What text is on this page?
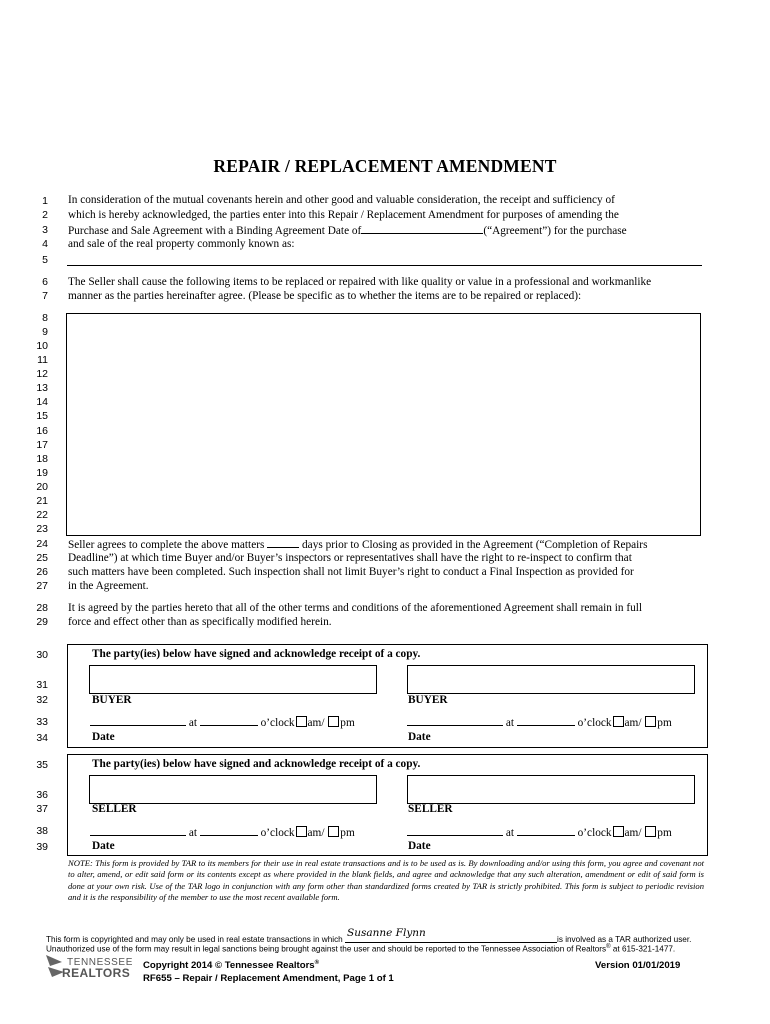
REPAIR / REPLACEMENT AMENDMENT
1
2
3
4
5
6
7
8
9
10
11
12
13
14
15
16
17
18
19
20
21
22
23
24
25
26
27
28
29
30
31
32
33
34
35
36
37
38
39
In consideration of the mutual covenants herein and other good and valuable consideration, the receipt and sufficiency of
which is hereby acknowledged, the parties enter into this Repair / Replacement Amendment for purposes of amending the
Purchase and Sale Agreement with a Binding Agreement Date of	(“Agreement”) for the purchase
and sale of the real property commonly known as:
The Seller shall cause the following items to be replaced or repaired with like quality or value in a professional and workmanlike
manner as the parties hereinafter agree. (Please be specific as to whether the items are to be repaired or replaced):
Seller agrees to complete the above matters	days prior to Closing as provided in the Agreement (“Completion of Repairs
Deadline”) at which time Buyer and/or Buyer’s inspectors or representatives shall have the right to re-inspect to confirm that
such matters have been completed. Such inspection shall not limit Buyer’s right to conduct a Final Inspection as provided for
in the Agreement.
It is agreed by the parties hereto that all of the other terms and conditions of the aforementioned Agreement shall remain in full
force and effect other than as specifically modified herein.
The party(ies) below have signed and acknowledge receipt of a copy.
BUYER	BUYER
at	o’clock am/ pm	at	o’clock am/ pm
Date	Date
The party(ies) below have signed and acknowledge receipt of a copy.
SELLER	SELLER
at	o’clock am/ pm	at	o’clock am/ pm
Date	Date
NOTE: This form is provided by TAR to its members for their use in real estate transactions and is to be used as is. By downloading and/or using this form, you agree and covenant not to alter, amend, or edit said form or its contents except as where provided in the blank fields, and agree and acknowledge that any such alteration, amendment or edit of said form is done at your own risk. Use of the TAR logo in conjunction with any form other than standardized forms created by TAR is strictly prohibited. This form is subject to periodic revision and it is the responsibility of the member to use the most recent available form.
This form is copyrighted and may only be used in real estate transactions in which
Susanne Flynn
is involved as a TAR authorized user.
Unauthorized use of the form may result in legal sanctions being brought against the user and should be reported to the Tennessee Association of Realtors® at 615-321-1477.
TENNESSEE
REALTORS
Copyright 2014 © Tennessee Realtors®
RF655 – Repair / Replacement Amendment, Page 1 of 1
Version 01/01/2019
